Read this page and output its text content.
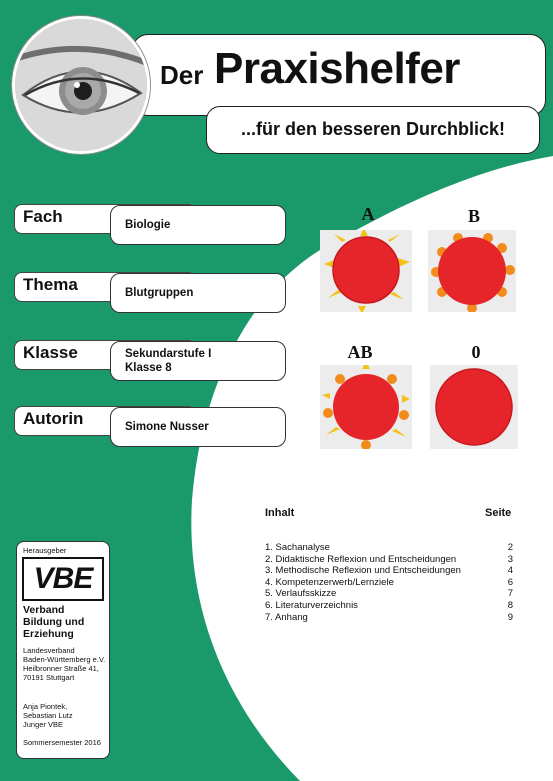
Der Praxishelfer
...für den besseren Durchblick!
Fach	Biologie
Thema	Blutgruppen
Klasse	Sekundarstufe I
Klasse 8
Autorin	Simone Nusser
A	B
AB	0
Inhalt	Seite
1. Sachanalyse	2
2. Didaktische Reflexion und Entscheidungen	3
3. Methodische Reflexion und Entscheidungen	4
4. Kompetenzerwerb/Lernziele	6
5. Verlaufsskizze	7
6. Literaturverzeichnis	8
7. Anhang	9
Herausgeber
VBE
Verband
Bildung und
Erziehung
Landesverband
Baden-Württemberg e.V.
Heilbronner Straße 41,
70191 Stuttgart
Anja Piontek,
Sebastian Lutz
Junger VBE
Sommersemester 2016
